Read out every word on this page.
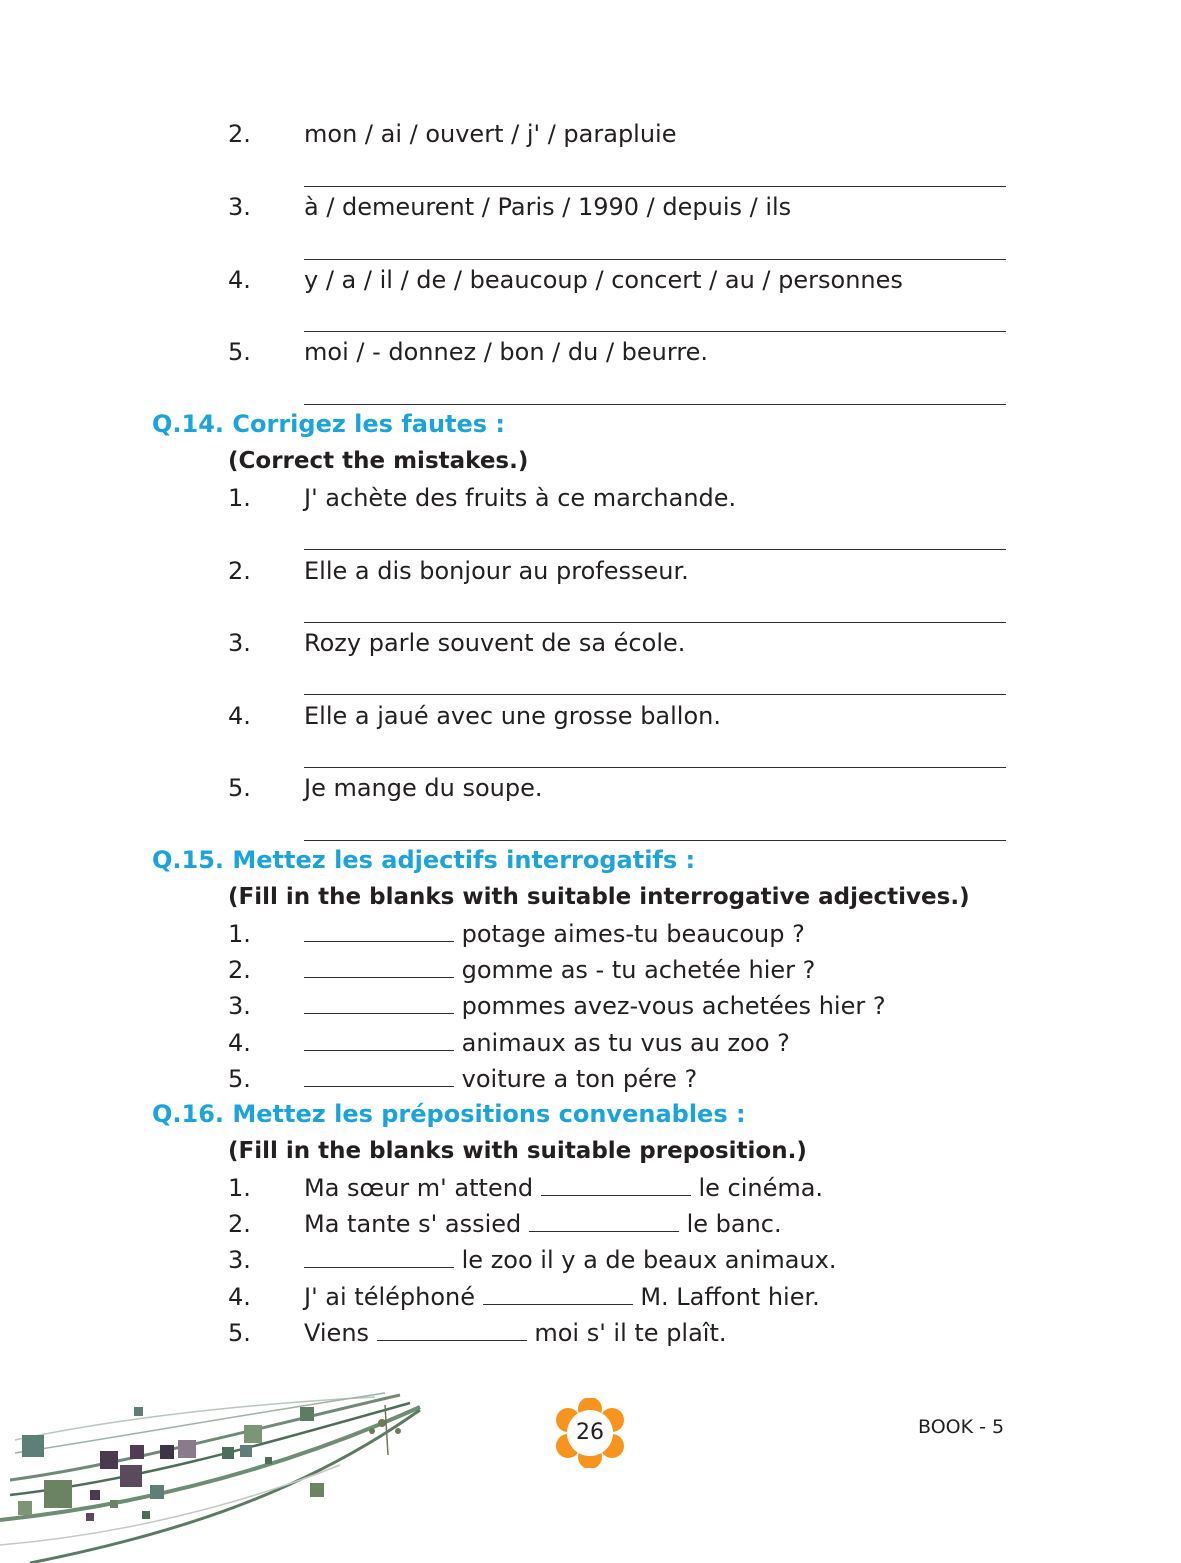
2. mon / ai / ouvert / j' / parapluie
3. à / demeurent / Paris / 1990 / depuis / ils
4. y / a / il / de / beaucoup / concert / au / personnes
5. moi / - donnez / bon / du / beurre.
Q.14. Corrigez les fautes :
(Correct the mistakes.)
1. J' achète des fruits à ce marchande.
2. Elle a dis bonjour au professeur.
3. Rozy parle souvent de sa école.
4. Elle a jaué avec une grosse ballon.
5. Je mange du soupe.
Q.15. Mettez les adjectifs interrogatifs :
(Fill in the blanks with suitable interrogative adjectives.)
1.	potage aimes-tu beaucoup ?
2.	gomme as - tu achetée hier ?
3.	pommes avez-vous achetées hier ?
4.	animaux as tu vus au zoo ?
5.	voiture a ton pére ?
Q.16. Mettez les prépositions convenables :
(Fill in the blanks with suitable preposition.)
1. Ma sœur m' attend	le cinéma.
2. Ma tante s' assied	le banc.
3.	le zoo il y a de beaux animaux.
4. J' ai téléphoné	M. Laffont hier.
5. Viens	moi s' il te plaît.
26	BOOK - 5
